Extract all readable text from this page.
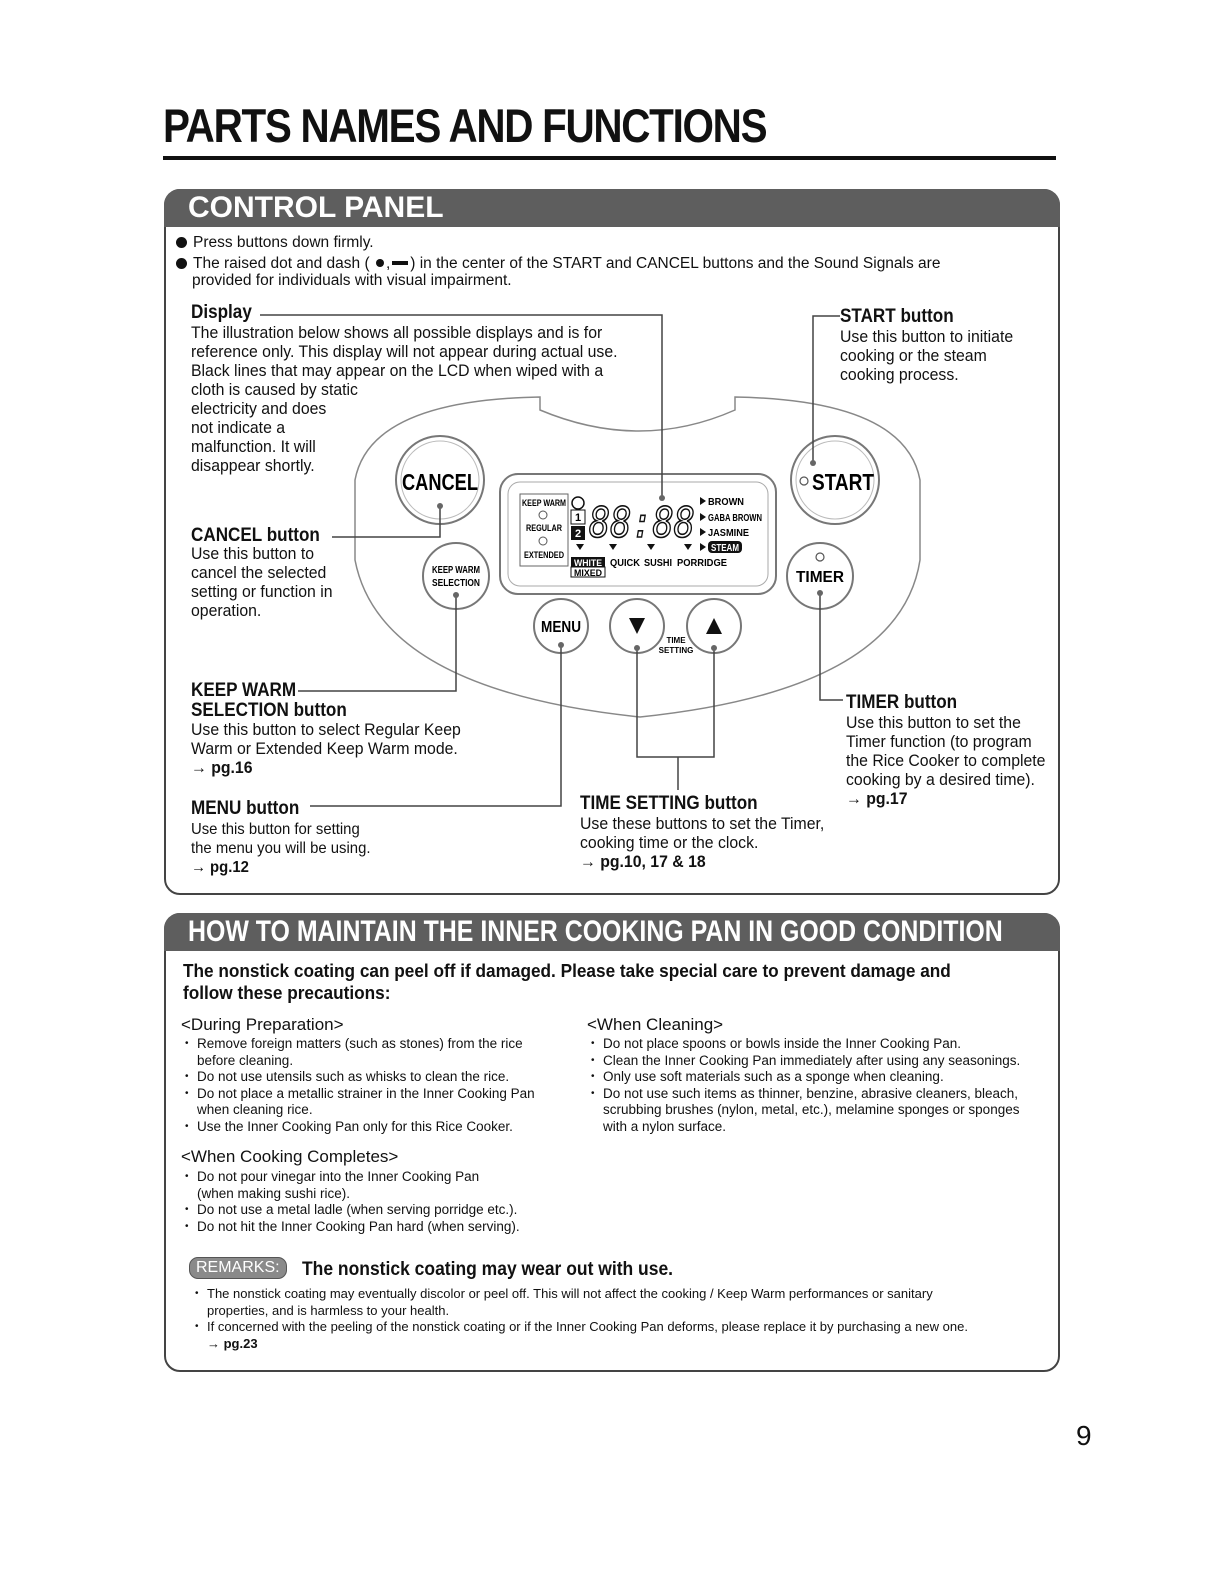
PARTS NAMES AND FUNCTIONS
CONTROL PANEL
CANCEL	START
TIMER
MENU
KEEP WARM
SELECTION
TIME
SETTING
KEEP WARM
REGULAR
EXTENDED
1
2 88:88 BROWN
GABA BROWN
JASMINE
STEAM
WHITE
MIXED
QUICK SUSHI PORRIDGE
Press buttons down firmly.
The raised dot and dash ( , ) in the center of the START and CANCEL buttons and the Sound Signals are
provided for individuals with visual impairment.
Display
The illustration below shows all possible displays and is for
reference only. This display will not appear during actual use.
Black lines that may appear on the LCD when wiped with a
cloth is caused by static
electricity and does
not indicate a
malfunction. It will
disappear shortly.
START button
Use this button to initiate
cooking or the steam
cooking process.
CANCEL button
Use this button to
cancel the selected
setting or function in
operation.
KEEP WARM
SELECTION button
Use this button to select Regular Keep
Warm or Extended Keep Warm mode.
→ pg.16
MENU button
Use this button for setting
the menu you will be using.
→ pg.12
TIME SETTING button
Use these buttons to set the Timer,
cooking time or the clock.
→ pg.10, 17 & 18
TIMER button
Use this button to set the
Timer function (to program
the Rice Cooker to complete
cooking by a desired time).
→ pg.17
HOW TO MAINTAIN THE INNER COOKING PAN IN GOOD CONDITION
The nonstick coating can peel off if damaged. Please take special care to prevent damage and
follow these precautions:
<During Preparation>
• Remove foreign matters (such as stones) from the rice
before cleaning.
• Do not use utensils such as whisks to clean the rice.
• Do not place a metallic strainer in the Inner Cooking Pan
when cleaning rice.
• Use the Inner Cooking Pan only for this Rice Cooker.
<When Cooking Completes>
• Do not pour vinegar into the Inner Cooking Pan
(when making sushi rice).
• Do not use a metal ladle (when serving porridge etc.).
• Do not hit the Inner Cooking Pan hard (when serving).
<When Cleaning>
• Do not place spoons or bowls inside the Inner Cooking Pan.
• Clean the Inner Cooking Pan immediately after using any seasonings.
• Only use soft materials such as a sponge when cleaning.
• Do not use such items as thinner, benzine, abrasive cleaners, bleach,
scrubbing brushes (nylon, metal, etc.), melamine sponges or sponges
with a nylon surface.
REMARKS:	The nonstick coating may wear out with use.
• The nonstick coating may eventually discolor or peel off. This will not affect the cooking / Keep Warm performances or sanitary
properties, and is harmless to your health.
• If concerned with the peeling of the nonstick coating or if the Inner Cooking Pan deforms, please replace it by purchasing a new one.
→ pg.23
9
